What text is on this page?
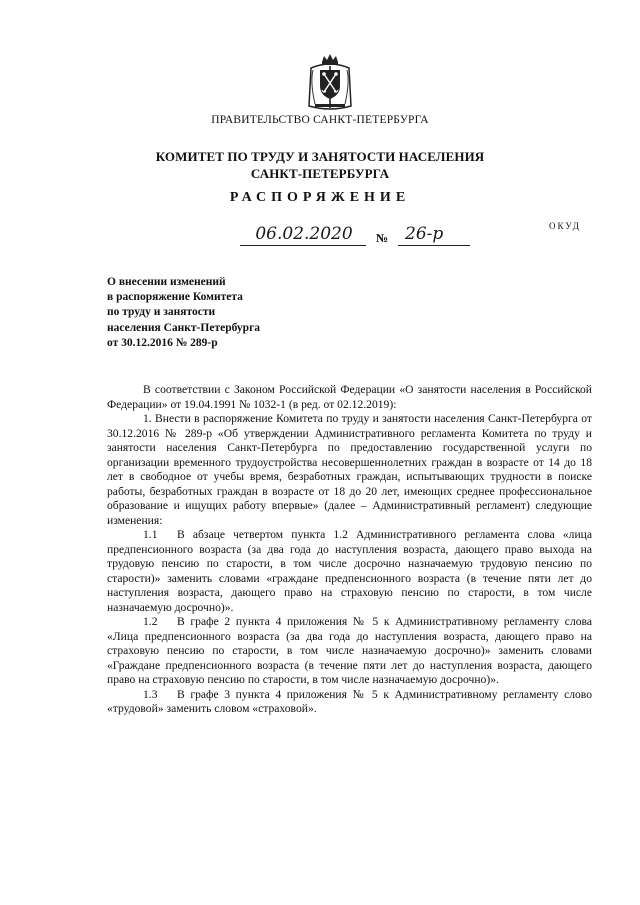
ПРАВИТЕЛЬСТВО САНКТ-ПЕТЕРБУРГА
КОМИТЕТ ПО ТРУДУ И ЗАНЯТОСТИ НАСЕЛЕНИЯ
САНКТ-ПЕТЕРБУРГА
РАСПОРЯЖЕНИЕ
06.02.2020	№ 26-р	ОКУД
О внесении изменений
в распоряжение Комитета
по труду и занятости
населения Санкт-Петербурга
от 30.12.2016 № 289-р

В соответствии с Законом Российской Федерации «О занятости населения в Российской Федерации» от 19.04.1991 № 1032-1 (в ред. от 02.12.2019):

1. Внести в распоряжение Комитета по труду и занятости населения Санкт-Петербурга от 30.12.2016 № 289-р «Об утверждении Административного регламента Комитета по труду и занятости населения Санкт-Петербурга по предоставлению государственной услуги по организации временного трудоустройства несовершеннолетних граждан в возрасте от 14 до 18 лет в свободное от учебы время, безработных граждан, испытывающих трудности в поиске работы, безработных граждан в возрасте от 18 до 20 лет, имеющих среднее профессиональное образование и ищущих работу впервые» (далее – Административный регламент) следующие изменения:

1.1 В абзаце четвертом пункта 1.2 Административного регламента слова «лица предпенсионного возраста (за два года до наступления возраста, дающего право выхода на трудовую пенсию по старости, в том числе досрочно назначаемую трудовую пенсию по старости)» заменить словами «граждане предпенсионного возраста (в течение пяти лет до наступления возраста, дающего право на страховую пенсию по старости, в том числе назначаемую досрочно)».

1.2 В графе 2 пункта 4 приложения № 5 к Административному регламенту слова «Лица предпенсионного возраста (за два года до наступления возраста, дающего право на страховую пенсию по старости, в том числе назначаемую досрочно)» заменить словами «Граждане предпенсионного возраста (в течение пяти лет до наступления возраста, дающего право на страховую пенсию по старости, в том числе назначаемую досрочно)».

1.3 В графе 3 пункта 4 приложения № 5 к Административному регламенту слово «трудовой» заменить словом «страховой».
